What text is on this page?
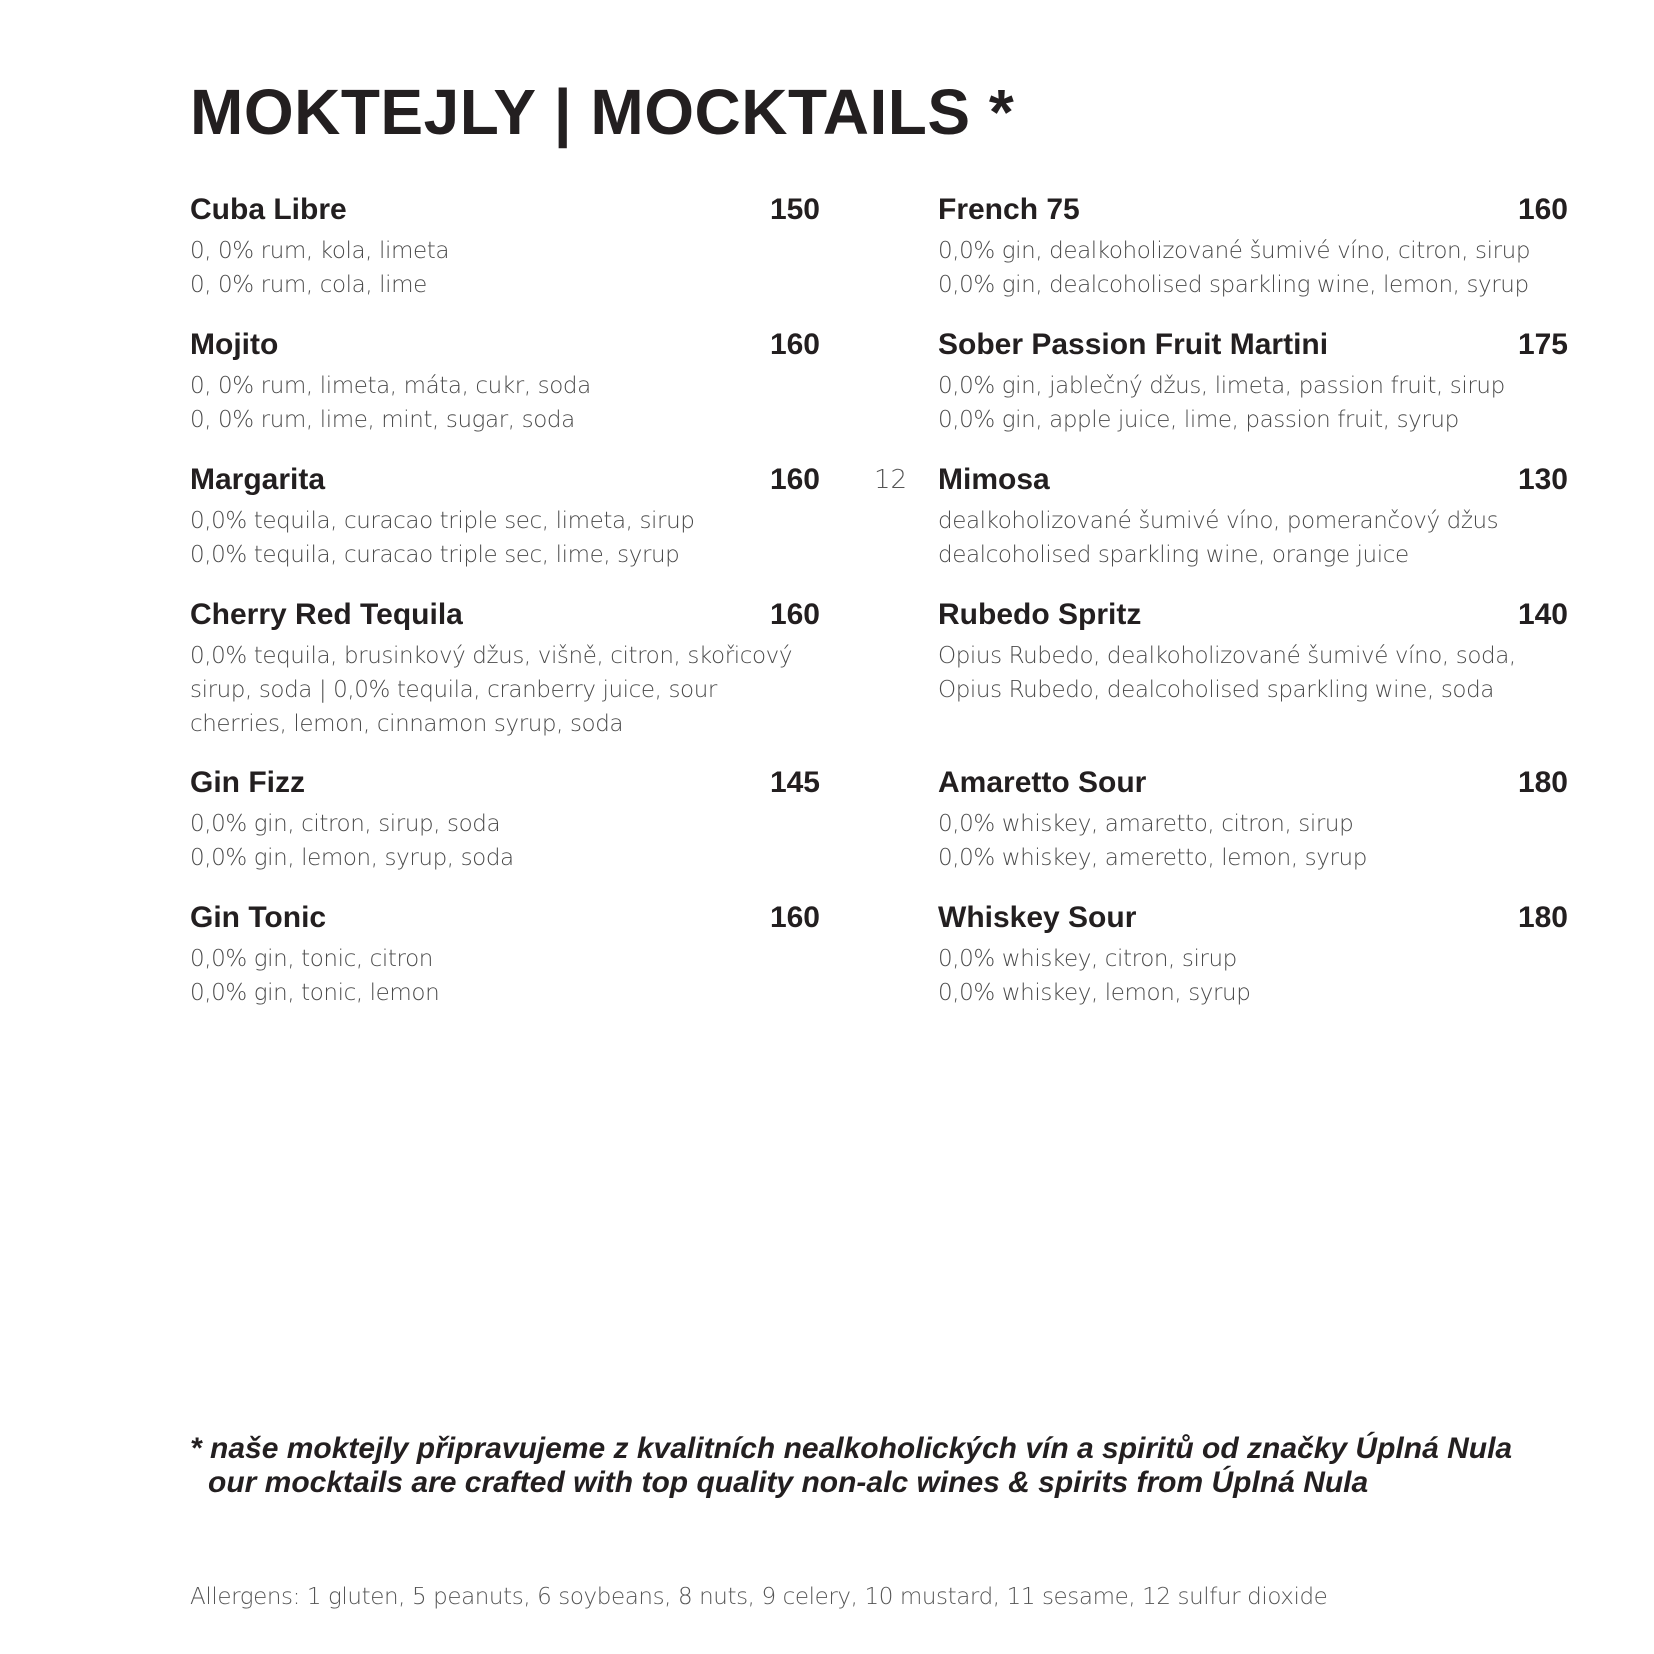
MOKTEJLY | MOCKTAILS *
Cuba Libre	150
0, 0% rum, kola, limeta
0, 0% rum, cola, lime
Mojito	160
0, 0% rum, limeta, máta, cukr, soda
0, 0% rum, lime, mint, sugar, soda
Margarita	160
0,0% tequila, curacao triple sec, limeta, sirup
0,0% tequila, curacao triple sec, lime, syrup
Cherry Red Tequila	160
0,0% tequila, brusinkový džus, višně, citron, skořicový sirup, soda | 0,0% tequila, cranberry juice, sour cherries, lemon, cinnamon syrup, soda
Gin Fizz	145
0,0% gin, citron, sirup, soda
0,0% gin, lemon, syrup, soda
Gin Tonic	160
0,0% gin, tonic, citron
0,0% gin, tonic, lemon
French 75	160
0,0% gin, dealkoholizované šumivé víno, citron, sirup
0,0% gin, dealcoholised sparkling wine, lemon, syrup
Sober Passion Fruit Martini	175
0,0% gin, jablečný džus, limeta, passion fruit, sirup
0,0% gin, apple juice, lime, passion fruit, syrup
12 Mimosa	130
dealkoholizované šumivé víno, pomerančový džus
dealcoholised sparkling wine, orange juice
Rubedo Spritz	140
Opius Rubedo, dealkoholizované šumivé víno, soda,
Opius Rubedo, dealcoholised sparkling wine, soda
Amaretto Sour	180
0,0% whiskey, amaretto, citron, sirup
0,0% whiskey, ameretto, lemon, syrup
Whiskey Sour	180
0,0% whiskey, citron, sirup
0,0% whiskey, lemon, syrup
* naše moktejly připravujeme z kvalitních nealkoholických vín a spiritů od značky Úplná Nula
our mocktails are crafted with top quality non-alc wines & spirits from Úplná Nula
Allergens: 1 gluten, 5 peanuts, 6 soybeans, 8 nuts, 9 celery, 10 mustard, 11 sesame, 12 sulfur dioxide
